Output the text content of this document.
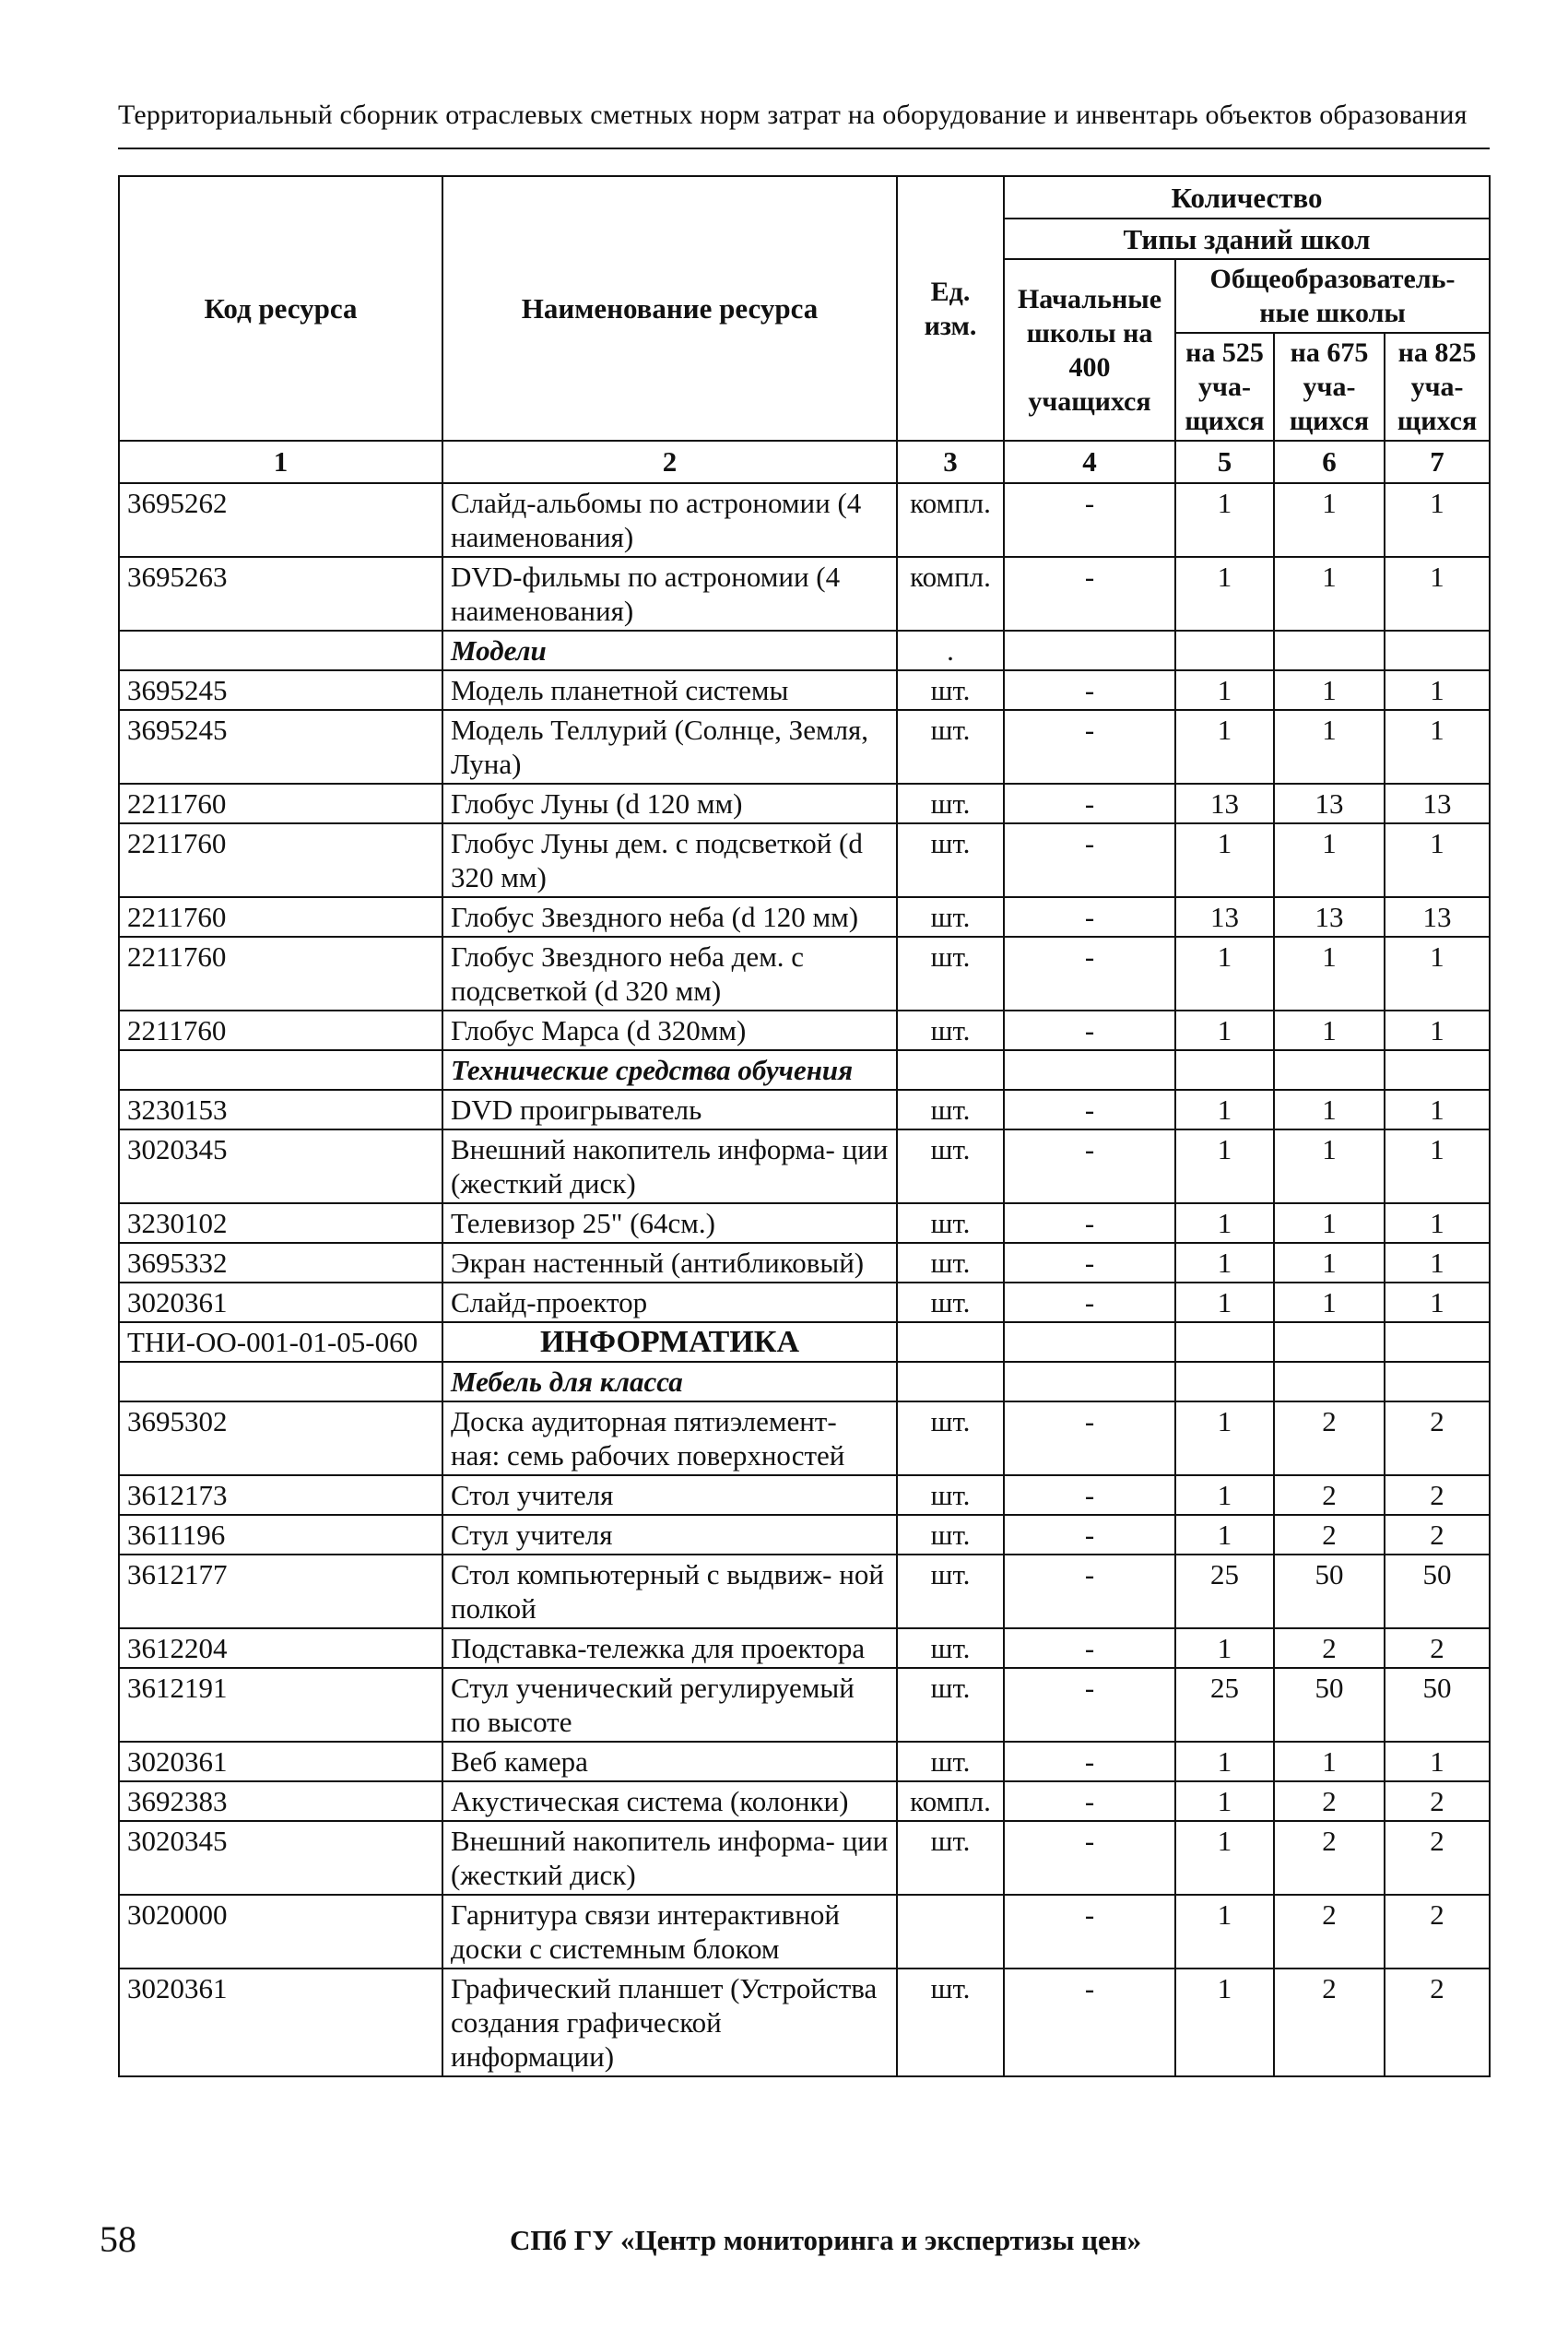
Территориальный сборник отраслевых сметных норм затрат на оборудование и инвентарь объектов образования
Код ресурса	Наименование ресурса	Ед. изм.	Количество			
			Типы зданий школ			
			Начальные школы на 400 учащихся	Общеобразователь- ные школы		
				на 525 уча- щихся	на 675 уча- щихся	на 825 уча- щихся
1	2	3	4	5	6	7
3695262	Слайд-альбомы по астрономии (4 наименования)	компл.	-	1	1	1
3695263	DVD-фильмы по астрономии (4 наименования)	компл.	-	1	1	1
	Модели	.				
3695245	Модель планетной системы	шт.	-	1	1	1
3695245	Модель Теллурий (Солнце, Земля, Луна)	шт.	-	1	1	1
2211760	Глобус Луны (d 120 мм)	шт.	-	13	13	13
2211760	Глобус Луны дем. с подсветкой (d 320 мм)	шт.	-	1	1	1
2211760	Глобус Звездного неба (d 120 мм)	шт.	-	13	13	13
2211760	Глобус Звездного неба дем. с подсветкой (d 320 мм)	шт.	-	1	1	1
2211760	Глобус Марса (d 320мм)	шт.	-	1	1	1
	Технические средства обучения					
3230153	DVD проигрыватель	шт.	-	1	1	1
3020345	Внешний накопитель информа- ции (жесткий диск)	шт.	-	1	1	1
3230102	Телевизор 25" (64см.)	шт.	-	1	1	1
3695332	Экран настенный (антибликовый)	шт.	-	1	1	1
3020361	Слайд-проектор	шт.	-	1	1	1
ТНИ-ОО-001-01-05-060	ИНФОРМАТИКА					
	Мебель для класса					
3695302	Доска аудиторная пятиэлемент- ная: семь рабочих поверхностей	шт.	-	1	2	2
3612173	Стол учителя	шт.	-	1	2	2
3611196	Стул учителя	шт.	-	1	2	2
3612177	Стол компьютерный с выдвиж- ной полкой	шт.	-	25	50	50
3612204	Подставка-тележка для проектора	шт.	-	1	2	2
3612191	Стул ученический регулируемый по высоте	шт.	-	25	50	50
3020361	Веб камера	шт.	-	1	1	1
3692383	Акустическая система (колонки)	компл.	-	1	2	2
3020345	Внешний накопитель информа- ции (жесткий диск)	шт.	-	1	2	2
3020000	Гарнитура связи интерактивной доски с системным блоком		-	1	2	2
3020361	Графический планшет (Устройства создания графической информации)	шт.	-	1	2	2
58	СПб ГУ «Центр мониторинга и экспертизы цен»
